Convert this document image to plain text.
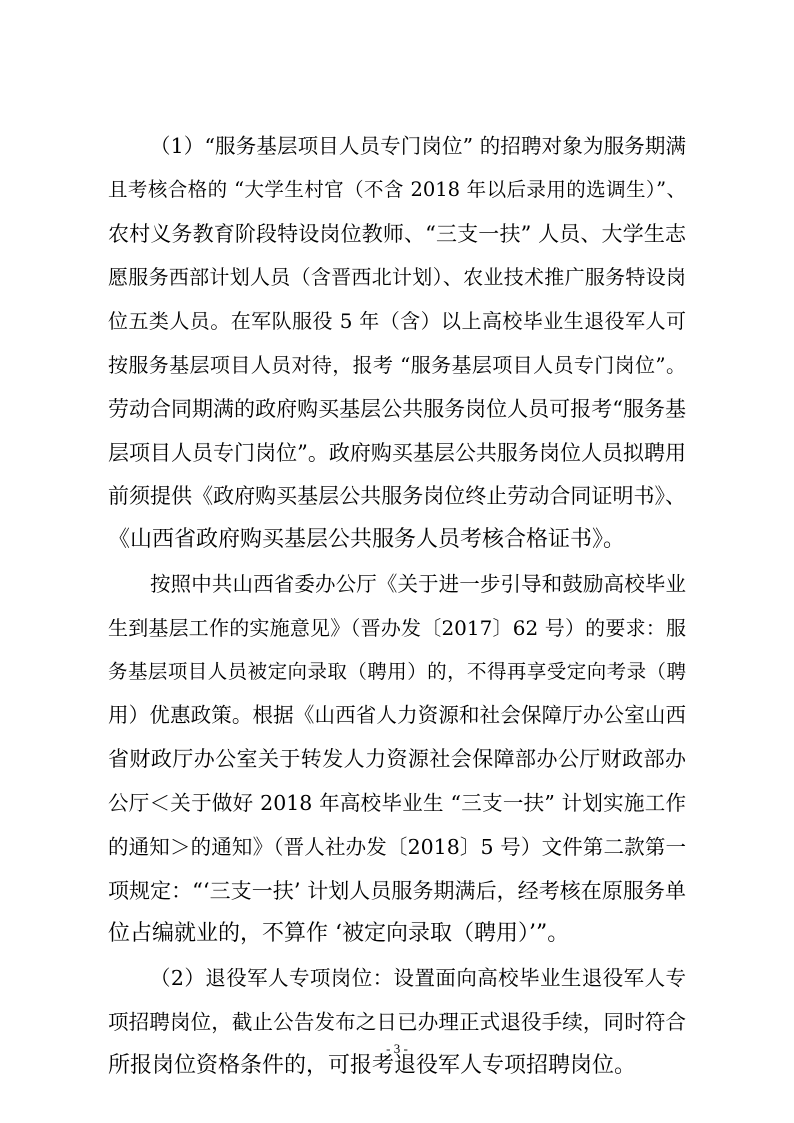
（1）“服务基层项目人员专门岗位” 的招聘对象为服务期满
且考核合格的 “大学生村官（不含 2018 年以后录用的选调生）”、
农村义务教育阶段特设岗位教师、“三支一扶” 人员、大学生志
愿服务西部计划人员（含晋西北计划）、农业技术推广服务特设岗
位五类人员。在军队服役 5 年（含）以上高校毕业生退役军人可
按服务基层项目人员对待，报考 “服务基层项目人员专门岗位”。
劳动合同期满的政府购买基层公共服务岗位人员可报考“服务基
层项目人员专门岗位”。政府购买基层公共服务岗位人员拟聘用
前须提供《政府购买基层公共服务岗位终止劳动合同证明书》、
《山西省政府购买基层公共服务人员考核合格证书》。
按照中共山西省委办公厅《关于进一步引导和鼓励高校毕业
生到基层工作的实施意见》（晋办发〔2017〕62 号）的要求：服
务基层项目人员被定向录取（聘用）的，不得再享受定向考录（聘
用）优惠政策。根据《山西省人力资源和社会保障厅办公室山西
省财政厅办公室关于转发人力资源社会保障部办公厅财政部办
公厅＜关于做好 2018 年高校毕业生 “三支一扶” 计划实施工作
的通知＞的通知》（晋人社办发〔2018〕5 号）文件第二款第一
项规定：“‘三支一扶’ 计划人员服务期满后，经考核在原服务单
位占编就业的，不算作 ‘被定向录取（聘用）’”。
（2）退役军人专项岗位：设置面向高校毕业生退役军人专
项招聘岗位，截止公告发布之日已办理正式退役手续，同时符合
所报岗位资格条件的，可报考退役军人专项招聘岗位。
- 3 -
